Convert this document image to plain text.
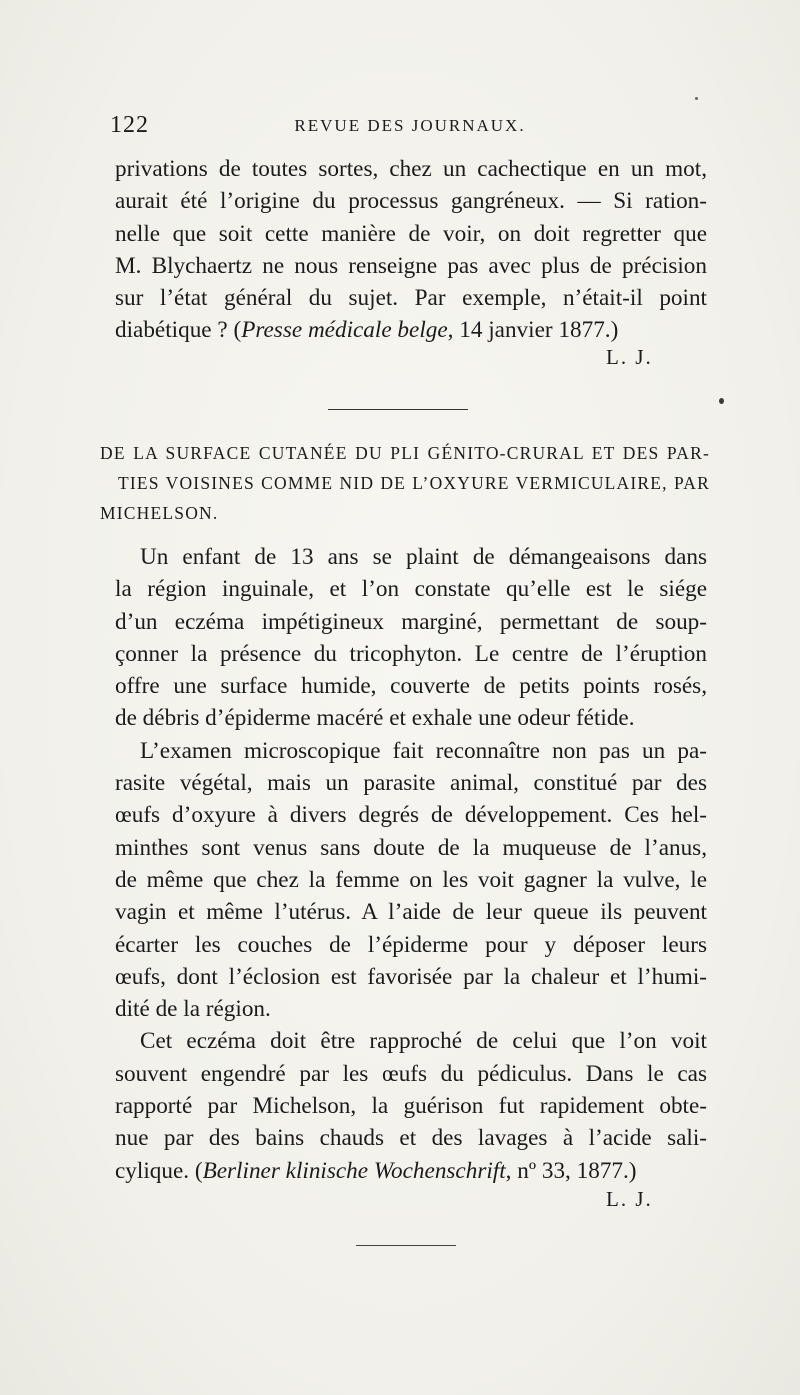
122	REVUE DES JOURNAUX.
privations de toutes sortes, chez un cachectique en un mot,
aurait été l’origine du processus gangréneux. — Si ration-
nelle que soit cette manière de voir, on doit regretter que
M. Blychaertz ne nous renseigne pas avec plus de précision
sur l’état général du sujet. Par exemple, n’était-il point
diabétique ? (Presse médicale belge, 14 janvier 1877.)
L. J.
DE LA SURFACE CUTANÉE DU PLI GÉNITO-CRURAL ET DES PAR-
TIES VOISINES COMME NID DE L’OXYURE VERMICULAIRE, PAR
MICHELSON.
Un enfant de 13 ans se plaint de démangeaisons dans
la région inguinale, et l’on constate qu’elle est le siége
d’un eczéma impétigineux marginé, permettant de soup-
çonner la présence du tricophyton. Le centre de l’éruption
offre une surface humide, couverte de petits points rosés,
de débris d’épiderme macéré et exhale une odeur fétide.
L’examen microscopique fait reconnaître non pas un pa-
rasite végétal, mais un parasite animal, constitué par des
œufs d’oxyure à divers degrés de développement. Ces hel-
minthes sont venus sans doute de la muqueuse de l’anus,
de même que chez la femme on les voit gagner la vulve, le
vagin et même l’utérus. A l’aide de leur queue ils peuvent
écarter les couches de l’épiderme pour y déposer leurs
œufs, dont l’éclosion est favorisée par la chaleur et l’humi-
dité de la région.
Cet eczéma doit être rapproché de celui que l’on voit
souvent engendré par les œufs du pédiculus. Dans le cas
rapporté par Michelson, la guérison fut rapidement obte-
nue par des bains chauds et des lavages à l’acide sali-
cylique. (Berliner klinische Wochenschrift, nº 33, 1877.)
L. J.
